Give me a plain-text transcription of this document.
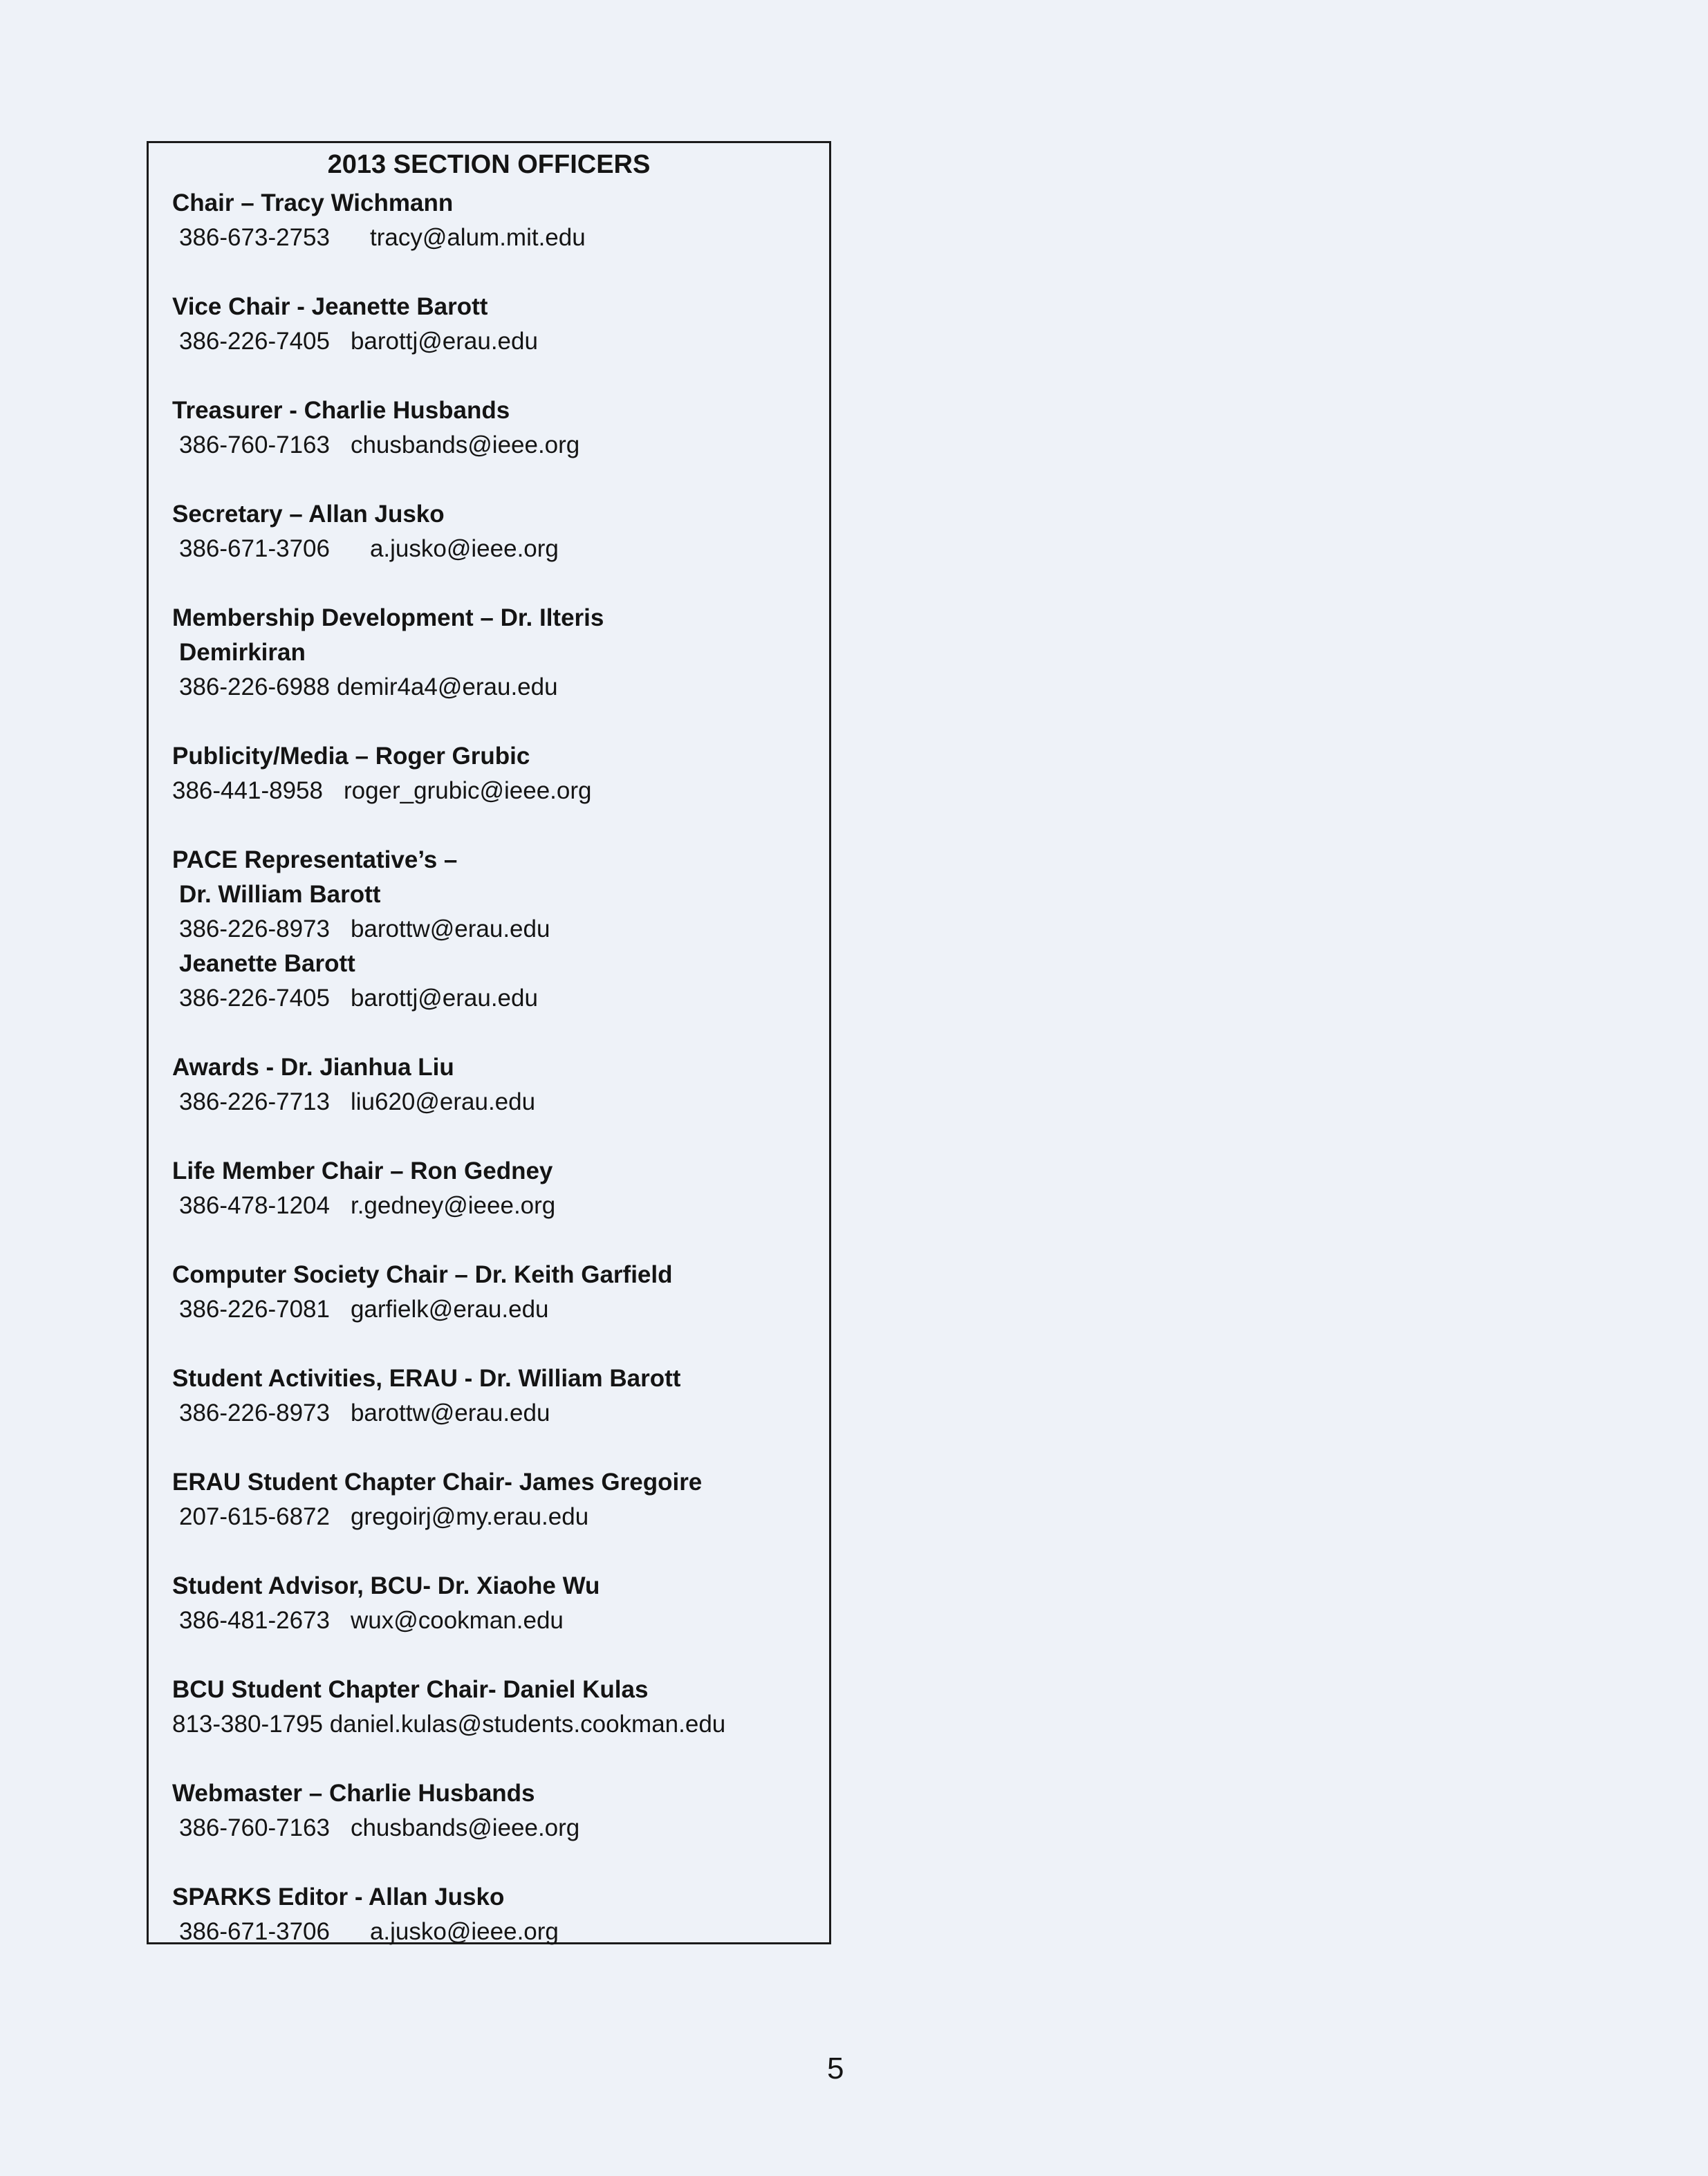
2013 SECTION OFFICERS
Chair – Tracy Wichmann
386-673-2753 tracy@alum.mit.edu
Vice Chair - Jeanette Barott
386-226-7405 barottj@erau.edu
Treasurer - Charlie Husbands
386-760-7163 chusbands@ieee.org
Secretary – Allan Jusko
386-671-3706 a.jusko@ieee.org
Membership Development – Dr. Ilteris
Demirkiran
386-226-6988 demir4a4@erau.edu
Publicity/Media – Roger Grubic
386-441-8958 roger_grubic@ieee.org
PACE Representative’s –
Dr. William Barott
386-226-8973 barottw@erau.edu
Jeanette Barott
386-226-7405 barottj@erau.edu
Awards - Dr. Jianhua Liu
386-226-7713 liu620@erau.edu
Life Member Chair – Ron Gedney
386-478-1204 r.gedney@ieee.org
Computer Society Chair – Dr. Keith Garfield
386-226-7081 garfielk@erau.edu
Student Activities, ERAU - Dr. William Barott
386-226-8973 barottw@erau.edu
ERAU Student Chapter Chair- James Gregoire
207-615-6872 gregoirj@my.erau.edu
Student Advisor, BCU- Dr. Xiaohe Wu
386-481-2673 wux@cookman.edu
BCU Student Chapter Chair- Daniel Kulas
813-380-1795 daniel.kulas@students.cookman.edu
Webmaster – Charlie Husbands
386-760-7163 chusbands@ieee.org
SPARKS Editor - Allan Jusko
386-671-3706 a.jusko@ieee.org
5
